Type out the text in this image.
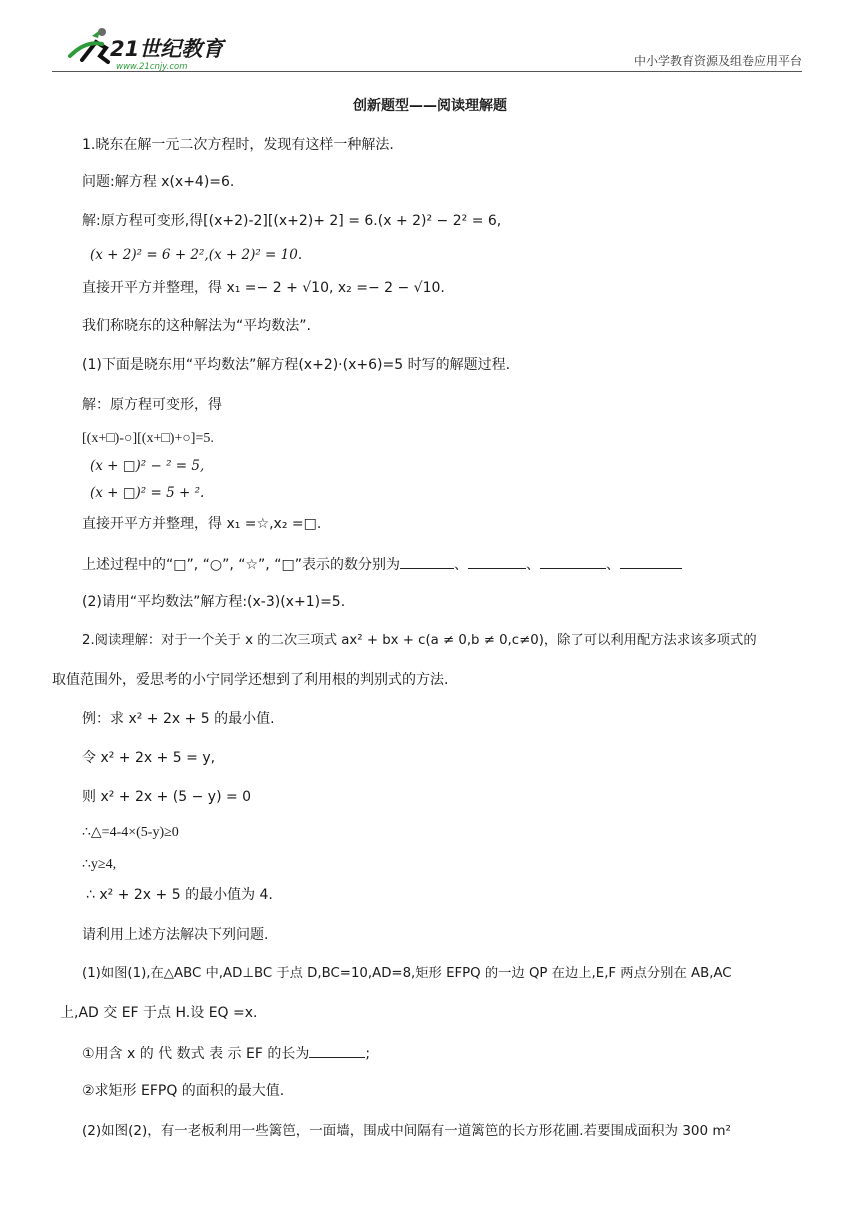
21世纪教育
www.21cnjy.com	中小学教育资源及组卷应用平台
创新题型——阅读理解题
1.晓东在解一元二次方程时，发现有这样一种解法.
问题:解方程 x(x+4)=6.
解:原方程可变形,得[(x+2)-2][(x+2)+ 2] = 6.(x + 2)² − 2² = 6,
(x + 2)² = 6 + 2²,(x + 2)² = 10.
直接开平方并整理，得 x₁ =− 2 + √10, x₂ =− 2 − √10.
我们称晓东的这种解法为“平均数法”.
(1)下面是晓东用“平均数法”解方程(x+2)·(x+6)=5 时写的解题过程.
解：原方程可变形，得
[(x+□)-○][(x+□)+○]=5.
(x + □)² − ² = 5,
(x + □)² = 5 + ².
直接开平方并整理，得 x₁ =☆,x₂ =□.
上述过程中的“□”, “○”, “☆”, “□”表示的数分别为	、	、	、
(2)请用“平均数法”解方程:(x-3)(x+1)=5.
2.阅读理解：对于一个关于 x 的二次三项式 ax² + bx + c(a ≠ 0,b ≠ 0,c≠0)，除了可以利用配方法求该多项式的
取值范围外，爱思考的小宁同学还想到了利用根的判别式的方法.
例：求 x² + 2x + 5 的最小值.
令 x² + 2x + 5 = y,
则 x² + 2x + (5 − y) = 0
∴△=4-4×(5-y)≥0
∴y≥4,
∴ x² + 2x + 5 的最小值为 4.
请利用上述方法解决下列问题.
(1)如图(1),在△ABC 中,AD⊥BC 于点 D,BC=10,AD=8,矩形 EFPQ 的一边 QP 在边上,E,F 两点分别在 AB,AC
上,AD 交 EF 于点 H.设 EQ =x.
①用含 x 的 代 数式 表 示 EF 的长为	;
②求矩形 EFPQ 的面积的最大值.
(2)如图(2)，有一老板利用一些篱笆，一面墙，围成中间隔有一道篱笆的长方形花圃.若要围成面积为 300 m²
